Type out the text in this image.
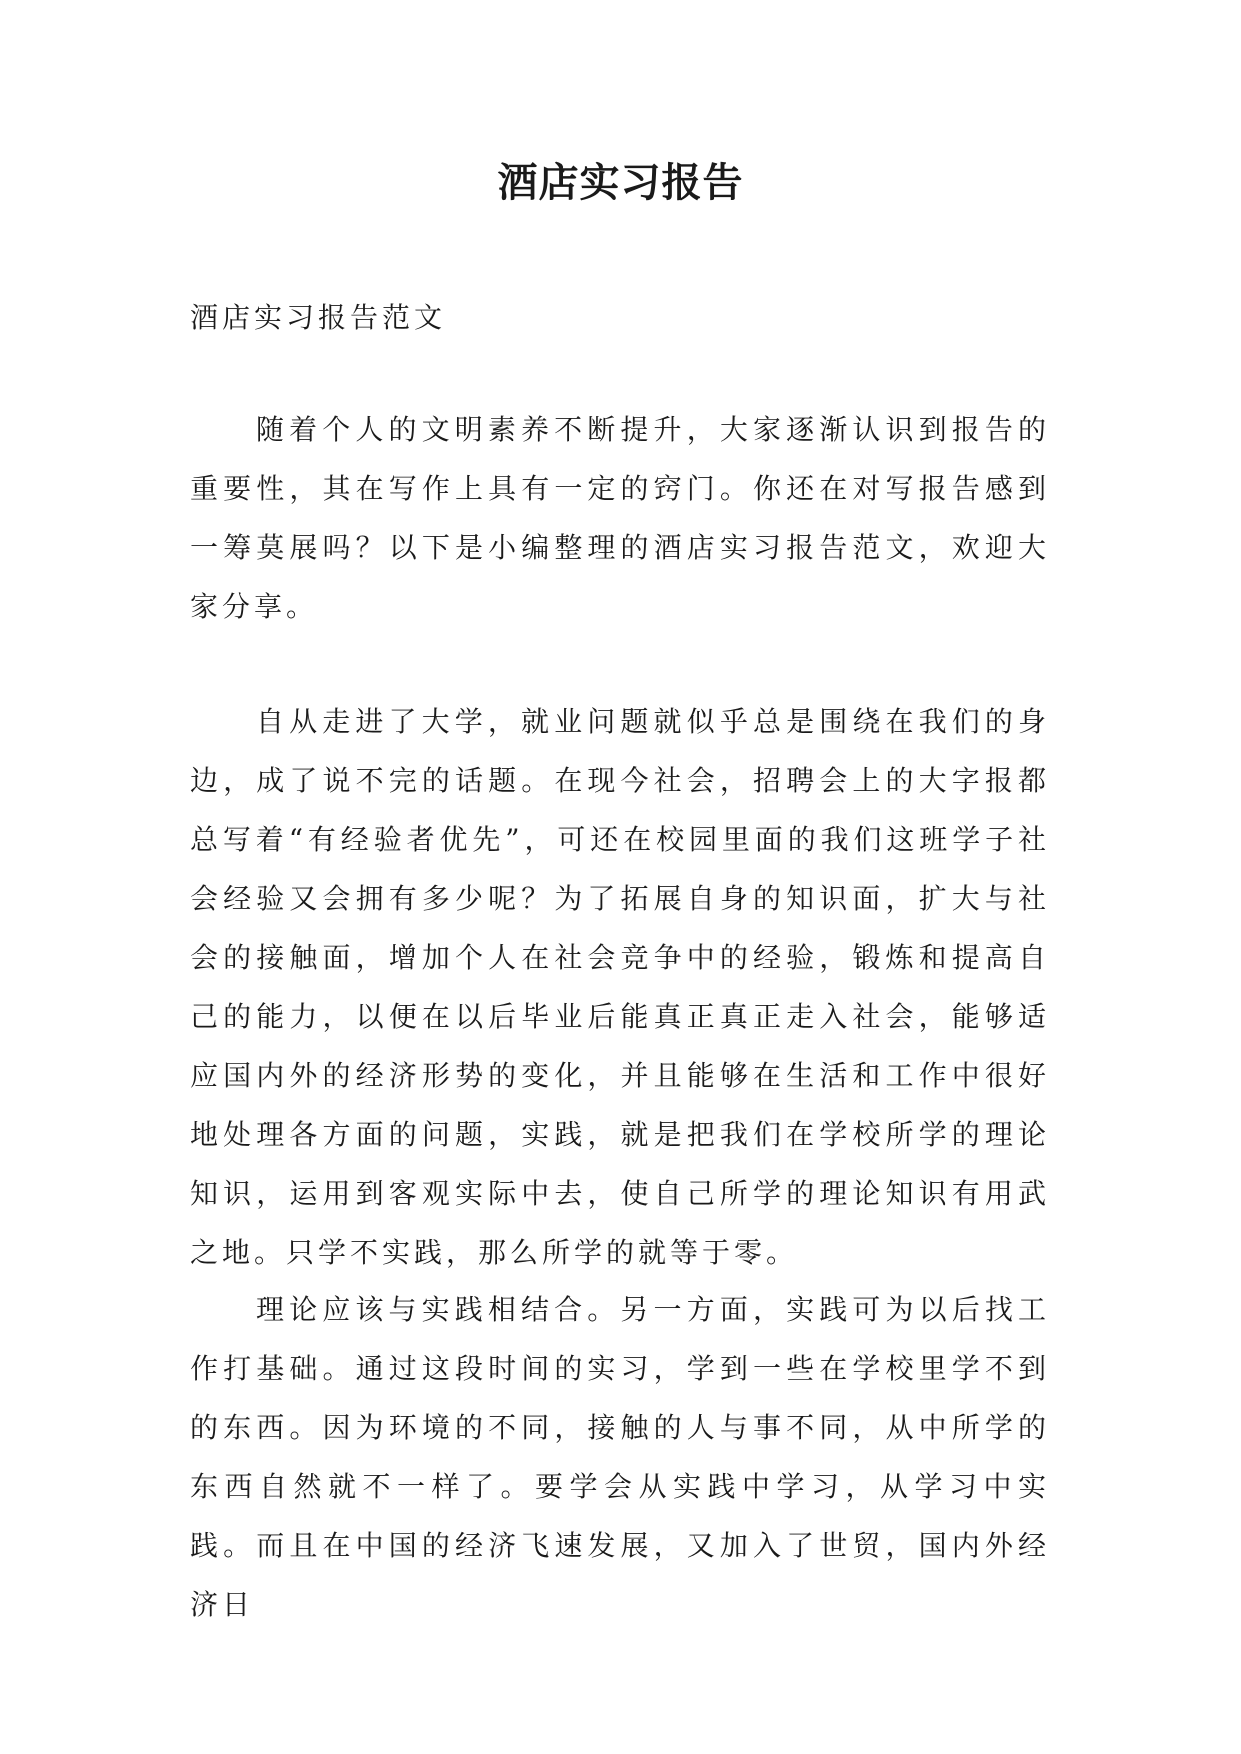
酒店实习报告

酒店实习报告范文

随着个人的文明素养不断提升，大家逐渐认识到报告的重要性，其在写作上具有一定的窍门。你还在对写报告感到一筹莫展吗？以下是小编整理的酒店实习报告范文，欢迎大家分享。

自从走进了大学，就业问题就似乎总是围绕在我们的身边，成了说不完的话题。在现今社会，招聘会上的大字报都总写着“有经验者优先”，可还在校园里面的我们这班学子社会经验又会拥有多少呢？为了拓展自身的知识面，扩大与社会的接触面，增加个人在社会竞争中的经验，锻炼和提高自己的能力，以便在以后毕业后能真正真正走入社会，能够适应国内外的经济形势的变化，并且能够在生活和工作中很好地处理各方面的问题，实践，就是把我们在学校所学的理论知识，运用到客观实际中去，使自己所学的理论知识有用武之地。只学不实践，那么所学的就等于零。

理论应该与实践相结合。另一方面，实践可为以后找工作打基础。通过这段时间的实习，学到一些在学校里学不到的东西。因为环境的不同，接触的人与事不同，从中所学的东西自然就不一样了。要学会从实践中学习，从学习中实践。而且在中国的经济飞速发展，又加入了世贸，国内外经济日
